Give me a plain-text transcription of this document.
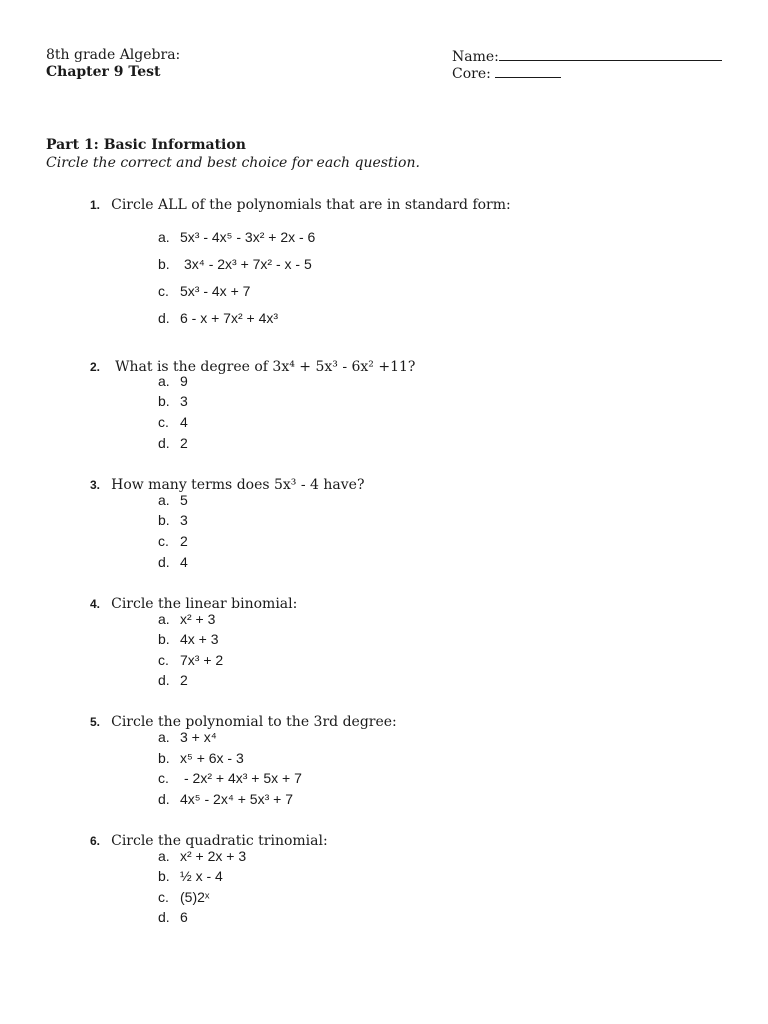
8th grade Algebra:
Chapter 9 Test
Name:
Core:
Part 1: Basic Information
Circle the correct and best choice for each question.
1. Circle ALL of the polynomials that are in standard form:
a. 5x³ - 4x⁵ - 3x² + 2x - 6
b. 3x⁴ - 2x³ + 7x² - x - 5
c. 5x³ - 4x + 7
d. 6 - x + 7x² + 4x³
2. What is the degree of 3x⁴ + 5x³ - 6x² +11?
a. 9
b. 3
c. 4
d. 2
3. How many terms does 5x³ - 4 have?
a. 5
b. 3
c. 2
d. 4
4. Circle the linear binomial:
a. x² + 3
b. 4x + 3
c. 7x³ + 2
d. 2
5. Circle the polynomial to the 3rd degree:
a. 3 + x⁴
b. x⁵ + 6x - 3
c. - 2x² + 4x³ + 5x + 7
d. 4x⁵ - 2x⁴ + 5x³ + 7
6. Circle the quadratic trinomial:
a. x² + 2x + 3
b. ½ x - 4
c. (5)2ˣ
d. 6
